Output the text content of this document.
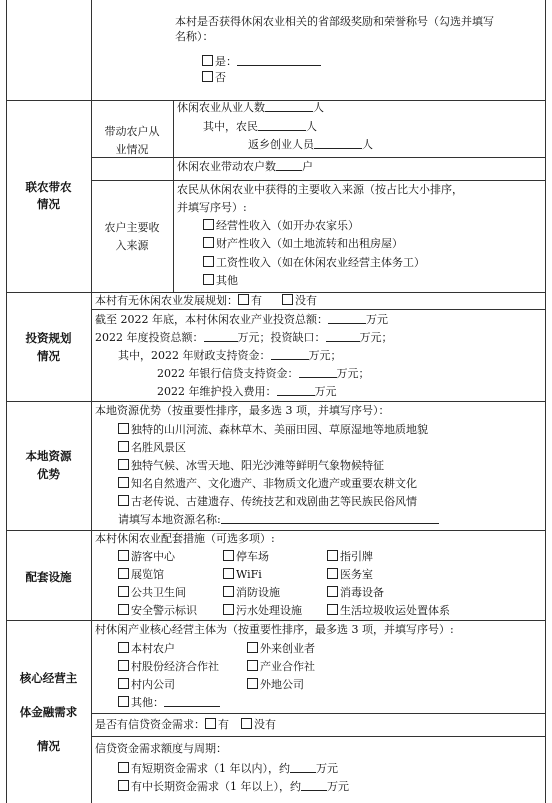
本村是否获得休闲农业相关的省部级奖励和荣誉称号（勾选并填写
名称）：
是：
否
联农带农
情况
带动农户从
业情况
休闲农业从业人数	人
其中，农民	人
返乡创业人员	人
休闲农业带动农户数 户
农户主要收
入来源
农民从休闲农业中获得的主要收入来源（按占比大小排序，
并填写序号）:
经营性收入（如开办农家乐）
财产性收入（如土地流转和出租房屋）
工资性收入（如在休闲农业经营主体务工）
其他
投资规划
情况
本村有无休闲农业发展规划： 有	没有
截至 2022 年底，本村休闲农业产业投资总额：	万元
2022 年度投资总额：	万元；投资缺口：	万元；
其中，2022 年财政支持资金：	万元；
2022 年银行信贷支持资金：	万元；
2022 年维护投入费用：	万元
本地资源
优势
本地资源优势（按重要性排序，最多选 3 项，并填写序号）：
独特的山川河流、森林草木、美丽田园、草原湿地等地质地貌
名胜风景区
独特气候、冰雪天地、阳光沙滩等鲜明气象物候特征
知名自然遗产、文化遗产、非物质文化遗产或重要农耕文化
古老传说、古建遗存、传统技艺和戏剧曲艺等民族民俗风情
请填写本地资源名称:
配套设施
本村休闲农业配套措施（可选多项）:
游客中心	停车场	指引牌
展览馆	WiFi	医务室
公共卫生间	消防设施	消毒设备
安全警示标识	污水处理设施	生活垃圾收运处置体系
核心经营主
体金融需求
情况
村休闲产业核心经营主体为（按重要性排序，最多选 3 项，并填写序号）:
本村农户	外来创业者
村股份经济合作社	产业合作社
村内公司	外地公司
其他：
是否有信贷资金需求： 有 没有
信贷资金需求额度与周期：
有短期资金需求（1 年以内），约 万元
有中长期资金需求（1 年以上），约 万元
